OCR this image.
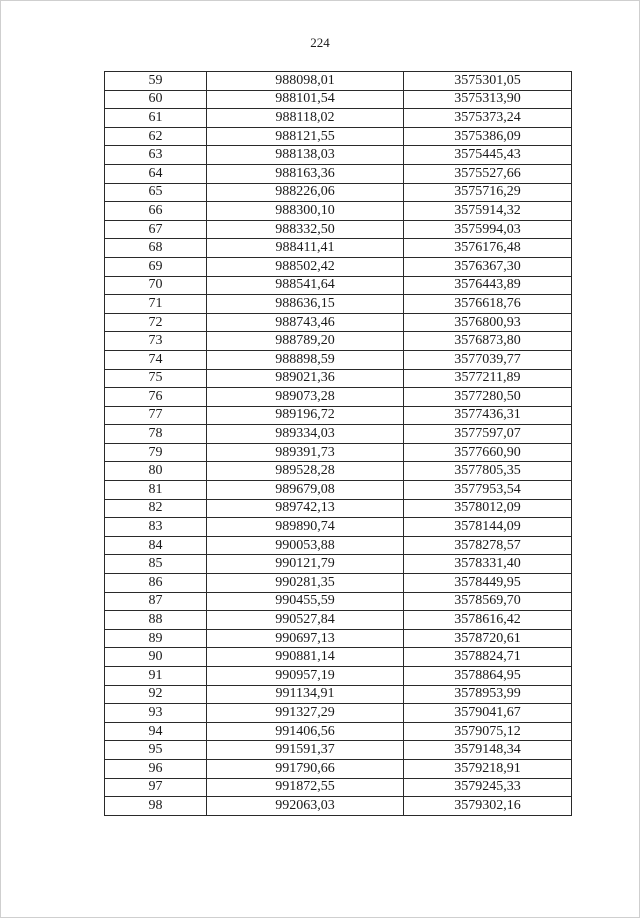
224
59	988098,01	3575301,05
60	988101,54	3575313,90
61	988118,02	3575373,24
62	988121,55	3575386,09
63	988138,03	3575445,43
64	988163,36	3575527,66
65	988226,06	3575716,29
66	988300,10	3575914,32
67	988332,50	3575994,03
68	988411,41	3576176,48
69	988502,42	3576367,30
70	988541,64	3576443,89
71	988636,15	3576618,76
72	988743,46	3576800,93
73	988789,20	3576873,80
74	988898,59	3577039,77
75	989021,36	3577211,89
76	989073,28	3577280,50
77	989196,72	3577436,31
78	989334,03	3577597,07
79	989391,73	3577660,90
80	989528,28	3577805,35
81	989679,08	3577953,54
82	989742,13	3578012,09
83	989890,74	3578144,09
84	990053,88	3578278,57
85	990121,79	3578331,40
86	990281,35	3578449,95
87	990455,59	3578569,70
88	990527,84	3578616,42
89	990697,13	3578720,61
90	990881,14	3578824,71
91	990957,19	3578864,95
92	991134,91	3578953,99
93	991327,29	3579041,67
94	991406,56	3579075,12
95	991591,37	3579148,34
96	991790,66	3579218,91
97	991872,55	3579245,33
98	992063,03	3579302,16
